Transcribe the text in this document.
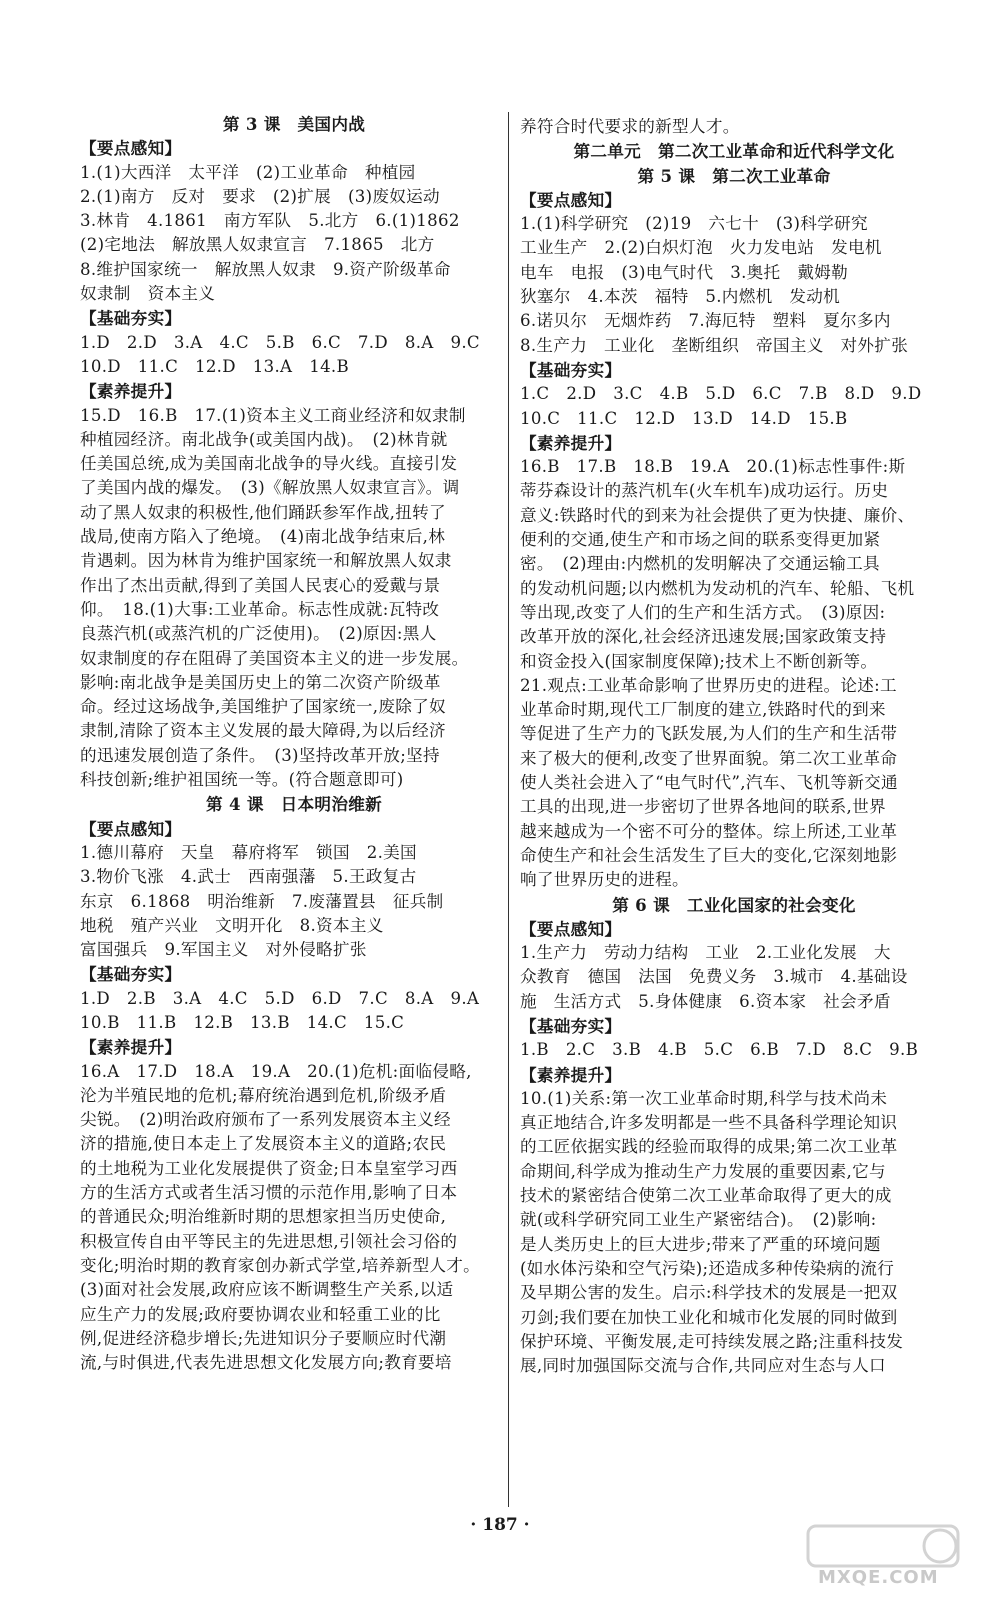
第 3 课　美国内战
【要点感知】
1.(1)大西洋　太平洋　(2)工业革命　种植园
2.(1)南方　反对　要求　(2)扩展　(3)废奴运动
3.林肯　4.1861　南方军队　5.北方　6.(1)1862
(2)宅地法　解放黑人奴隶宣言　7.1865　北方
8.维护国家统一　解放黑人奴隶　9.资产阶级革命
奴隶制　资本主义
【基础夯实】
1.D　2.D　3.A　4.C　5.B　6.C　7.D　8.A　9.C
10.D　11.C　12.D　13.A　14.B
【素养提升】
15.D　16.B　17.(1)资本主义工商业经济和奴隶制
种植园经济。南北战争(或美国内战)。　(2)林肯就
任美国总统,成为美国南北战争的导火线。直接引发
了美国内战的爆发。　(3)《解放黑人奴隶宣言》。调
动了黑人奴隶的积极性,他们踊跃参军作战,扭转了
战局,使南方陷入了绝境。　(4)南北战争结束后,林
肯遇刺。因为林肯为维护国家统一和解放黑人奴隶
作出了杰出贡献,得到了美国人民衷心的爱戴与景
仰。　18.(1)大事:工业革命。标志性成就:瓦特改
良蒸汽机(或蒸汽机的广泛使用)。　(2)原因:黑人
奴隶制度的存在阻碍了美国资本主义的进一步发展。
影响:南北战争是美国历史上的第二次资产阶级革
命。经过这场战争,美国维护了国家统一,废除了奴
隶制,清除了资本主义发展的最大障碍,为以后经济
的迅速发展创造了条件。　(3)坚持改革开放;坚持
科技创新;维护祖国统一等。(符合题意即可)
第 4 课　日本明治维新
【要点感知】
1.德川幕府　天皇　幕府将军　锁国　2.美国
3.物价飞涨　4.武士　西南强藩　5.王政复古
东京　6.1868　明治维新　7.废藩置县　征兵制
地税　殖产兴业　文明开化　8.资本主义
富国强兵　9.军国主义　对外侵略扩张
【基础夯实】
1.D　2.B　3.A　4.C　5.D　6.D　7.C　8.A　9.A
10.B　11.B　12.B　13.B　14.C　15.C
【素养提升】
16.A　17.D　18.A　19.A　20.(1)危机:面临侵略,
沦为半殖民地的危机;幕府统治遇到危机,阶级矛盾
尖锐。　(2)明治政府颁布了一系列发展资本主义经
济的措施,使日本走上了发展资本主义的道路;农民
的土地税为工业化发展提供了资金;日本皇室学习西
方的生活方式或者生活习惯的示范作用,影响了日本
的普通民众;明治维新时期的思想家担当历史使命,
积极宣传自由平等民主的先进思想,引领社会习俗的
变化;明治时期的教育家创办新式学堂,培养新型人才。
(3)面对社会发展,政府应该不断调整生产关系,以适
应生产力的发展;政府要协调农业和轻重工业的比
例,促进经济稳步增长;先进知识分子要顺应时代潮
流,与时俱进,代表先进思想文化发展方向;教育要培
养符合时代要求的新型人才。
第二单元　第二次工业革命和近代科学文化
第 5 课　第二次工业革命
【要点感知】
1.(1)科学研究　(2)19　六七十　(3)科学研究
工业生产　2.(2)白炽灯泡　火力发电站　发电机
电车　电报　(3)电气时代　3.奥托　戴姆勒
狄塞尔　4.本茨　福特　5.内燃机　发动机
6.诺贝尔　无烟炸药　7.海厄特　塑料　夏尔多内
8.生产力　工业化　垄断组织　帝国主义　对外扩张
【基础夯实】
1.C　2.D　3.C　4.B　5.D　6.C　7.B　8.D　9.D
10.C　11.C　12.D　13.D　14.D　15.B
【素养提升】
16.B　17.B　18.B　19.A　20.(1)标志性事件:斯
蒂芬森设计的蒸汽机车(火车机车)成功运行。历史
意义:铁路时代的到来为社会提供了更为快捷、廉价、
便利的交通,使生产和市场之间的联系变得更加紧
密。　(2)理由:内燃机的发明解决了交通运输工具
的发动机问题;以内燃机为发动机的汽车、轮船、飞机
等出现,改变了人们的生产和生活方式。　(3)原因:
改革开放的深化,社会经济迅速发展;国家政策支持
和资金投入(国家制度保障);技术上不断创新等。
21.观点:工业革命影响了世界历史的进程。论述:工
业革命时期,现代工厂制度的建立,铁路时代的到来
等促进了生产力的飞跃发展,为人们的生产和生活带
来了极大的便利,改变了世界面貌。第二次工业革命
使人类社会进入了“电气时代”,汽车、飞机等新交通
工具的出现,进一步密切了世界各地间的联系,世界
越来越成为一个密不可分的整体。综上所述,工业革
命使生产和社会生活发生了巨大的变化,它深刻地影
响了世界历史的进程。
第 6 课　工业化国家的社会变化
【要点感知】
1.生产力　劳动力结构　工业　2.工业化发展　大
众教育　德国　法国　免费义务　3.城市　4.基础设
施　生活方式　5.身体健康　6.资本家　社会矛盾
【基础夯实】
1.B　2.C　3.B　4.B　5.C　6.B　7.D　8.C　9.B
【素养提升】
10.(1)关系:第一次工业革命时期,科学与技术尚未
真正地结合,许多发明都是一些不具备科学理论知识
的工匠依据实践的经验而取得的成果;第二次工业革
命期间,科学成为推动生产力发展的重要因素,它与
技术的紧密结合使第二次工业革命取得了更大的成
就(或科学研究同工业生产紧密结合)。　(2)影响:
是人类历史上的巨大进步;带来了严重的环境问题
(如水体污染和空气污染);还造成多种传染病的流行
及早期公害的发生。启示:科学技术的发展是一把双
刃剑;我们要在加快工业化和城市化发展的同时做到
保护环境、平衡发展,走可持续发展之路;注重科技发
展,同时加强国际交流与合作,共同应对生态与人口
· 187 ·
MXQE.COM
